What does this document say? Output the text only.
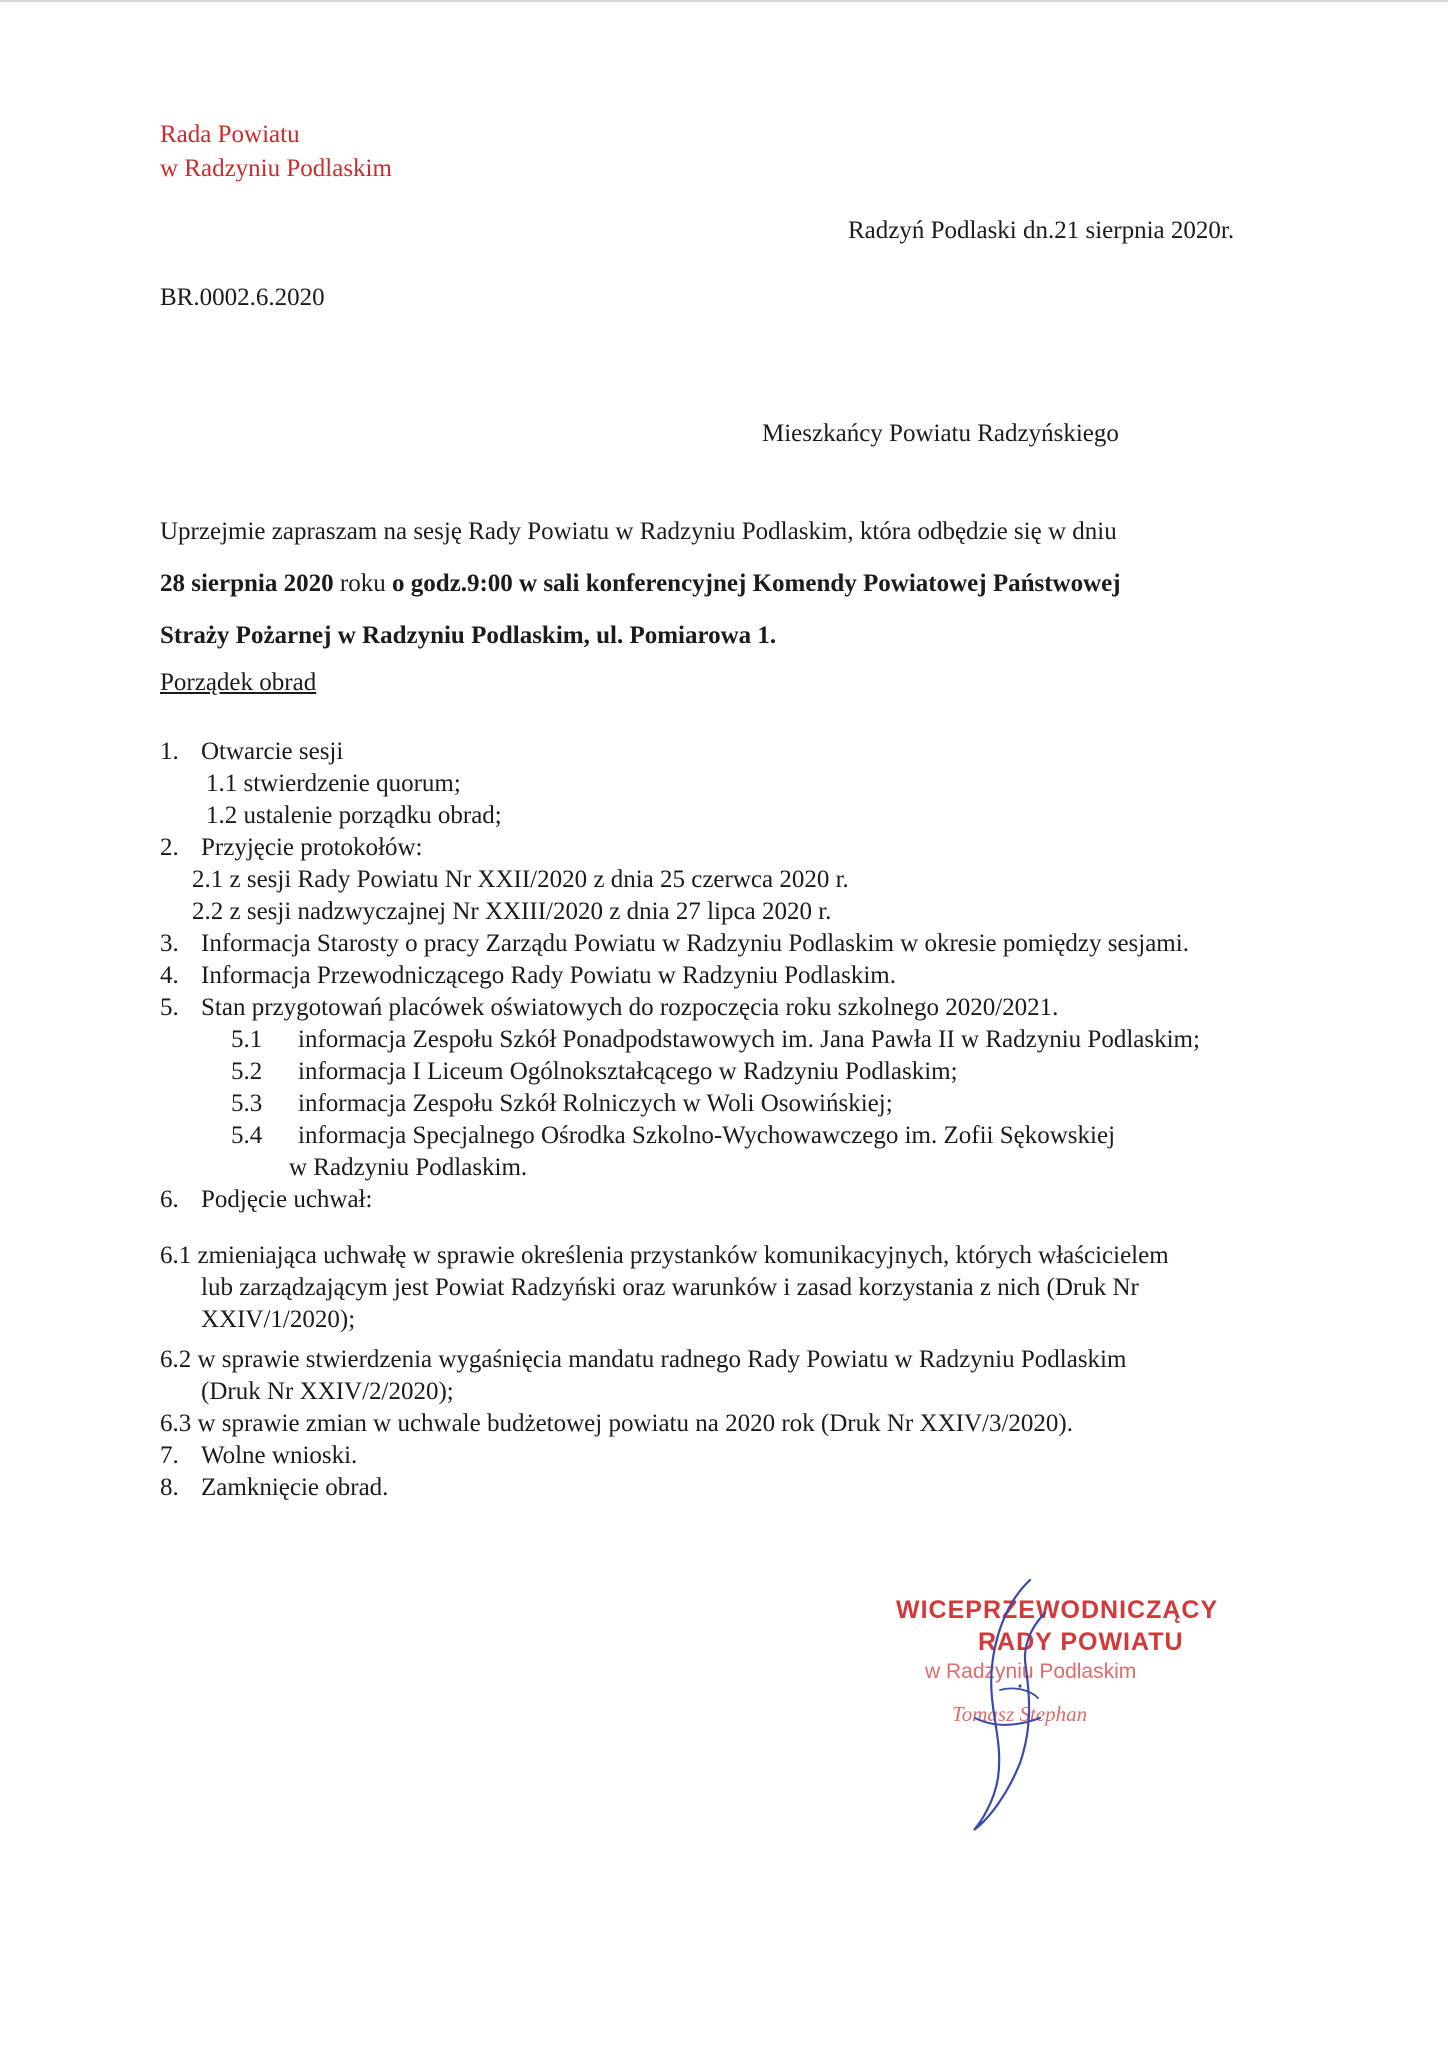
Rada Powiatu
w Radzyniu Podlaskim
Radzyń Podlaski dn.21 sierpnia 2020r.
BR.0002.6.2020
Mieszkańcy Powiatu Radzyńskiego
Uprzejmie zapraszam na sesję Rady Powiatu w Radzyniu Podlaskim, która odbędzie się w dniu
28 sierpnia 2020 roku o godz.9:00 w sali konferencyjnej Komendy Powiatowej Państwowej
Straży Pożarnej w Radzyniu Podlaskim, ul. Pomiarowa 1.
Porządek obrad
1. Otwarcie sesji
1.1 stwierdzenie quorum;
1.2 ustalenie porządku obrad;
2. Przyjęcie protokołów:
2.1 z sesji Rady Powiatu Nr XXII/2020 z dnia 25 czerwca 2020 r.
2.2 z sesji nadzwyczajnej Nr XXIII/2020 z dnia 27 lipca 2020 r.
3. Informacja Starosty o pracy Zarządu Powiatu w Radzyniu Podlaskim w okresie pomiędzy sesjami.
4. Informacja Przewodniczącego Rady Powiatu w Radzyniu Podlaskim.
5. Stan przygotowań placówek oświatowych do rozpoczęcia roku szkolnego 2020/2021.
5.1 informacja Zespołu Szkół Ponadpodstawowych im. Jana Pawła II w Radzyniu Podlaskim;
5.2 informacja I Liceum Ogólnokształcącego w Radzyniu Podlaskim;
5.3 informacja Zespołu Szkół Rolniczych w Woli Osowińskiej;
5.4 informacja Specjalnego Ośrodka Szkolno-Wychowawczego im. Zofii Sękowskiej
w Radzyniu Podlaskim.
6. Podjęcie uchwał:
6.1 zmieniająca uchwałę w sprawie określenia przystanków komunikacyjnych, których właścicielem
lub zarządzającym jest Powiat Radzyński oraz warunków i zasad korzystania z nich (Druk Nr
XXIV/1/2020);
6.2 w sprawie stwierdzenia wygaśnięcia mandatu radnego Rady Powiatu w Radzyniu Podlaskim
(Druk Nr XXIV/2/2020);
6.3 w sprawie zmian w uchwale budżetowej powiatu na 2020 rok (Druk Nr XXIV/3/2020).
7. Wolne wnioski.
8. Zamknięcie obrad.
WICEPRZEWODNICZĄCY
RADY POWIATU
w Radzyniu Podlaskim
Tomasz Stephan
